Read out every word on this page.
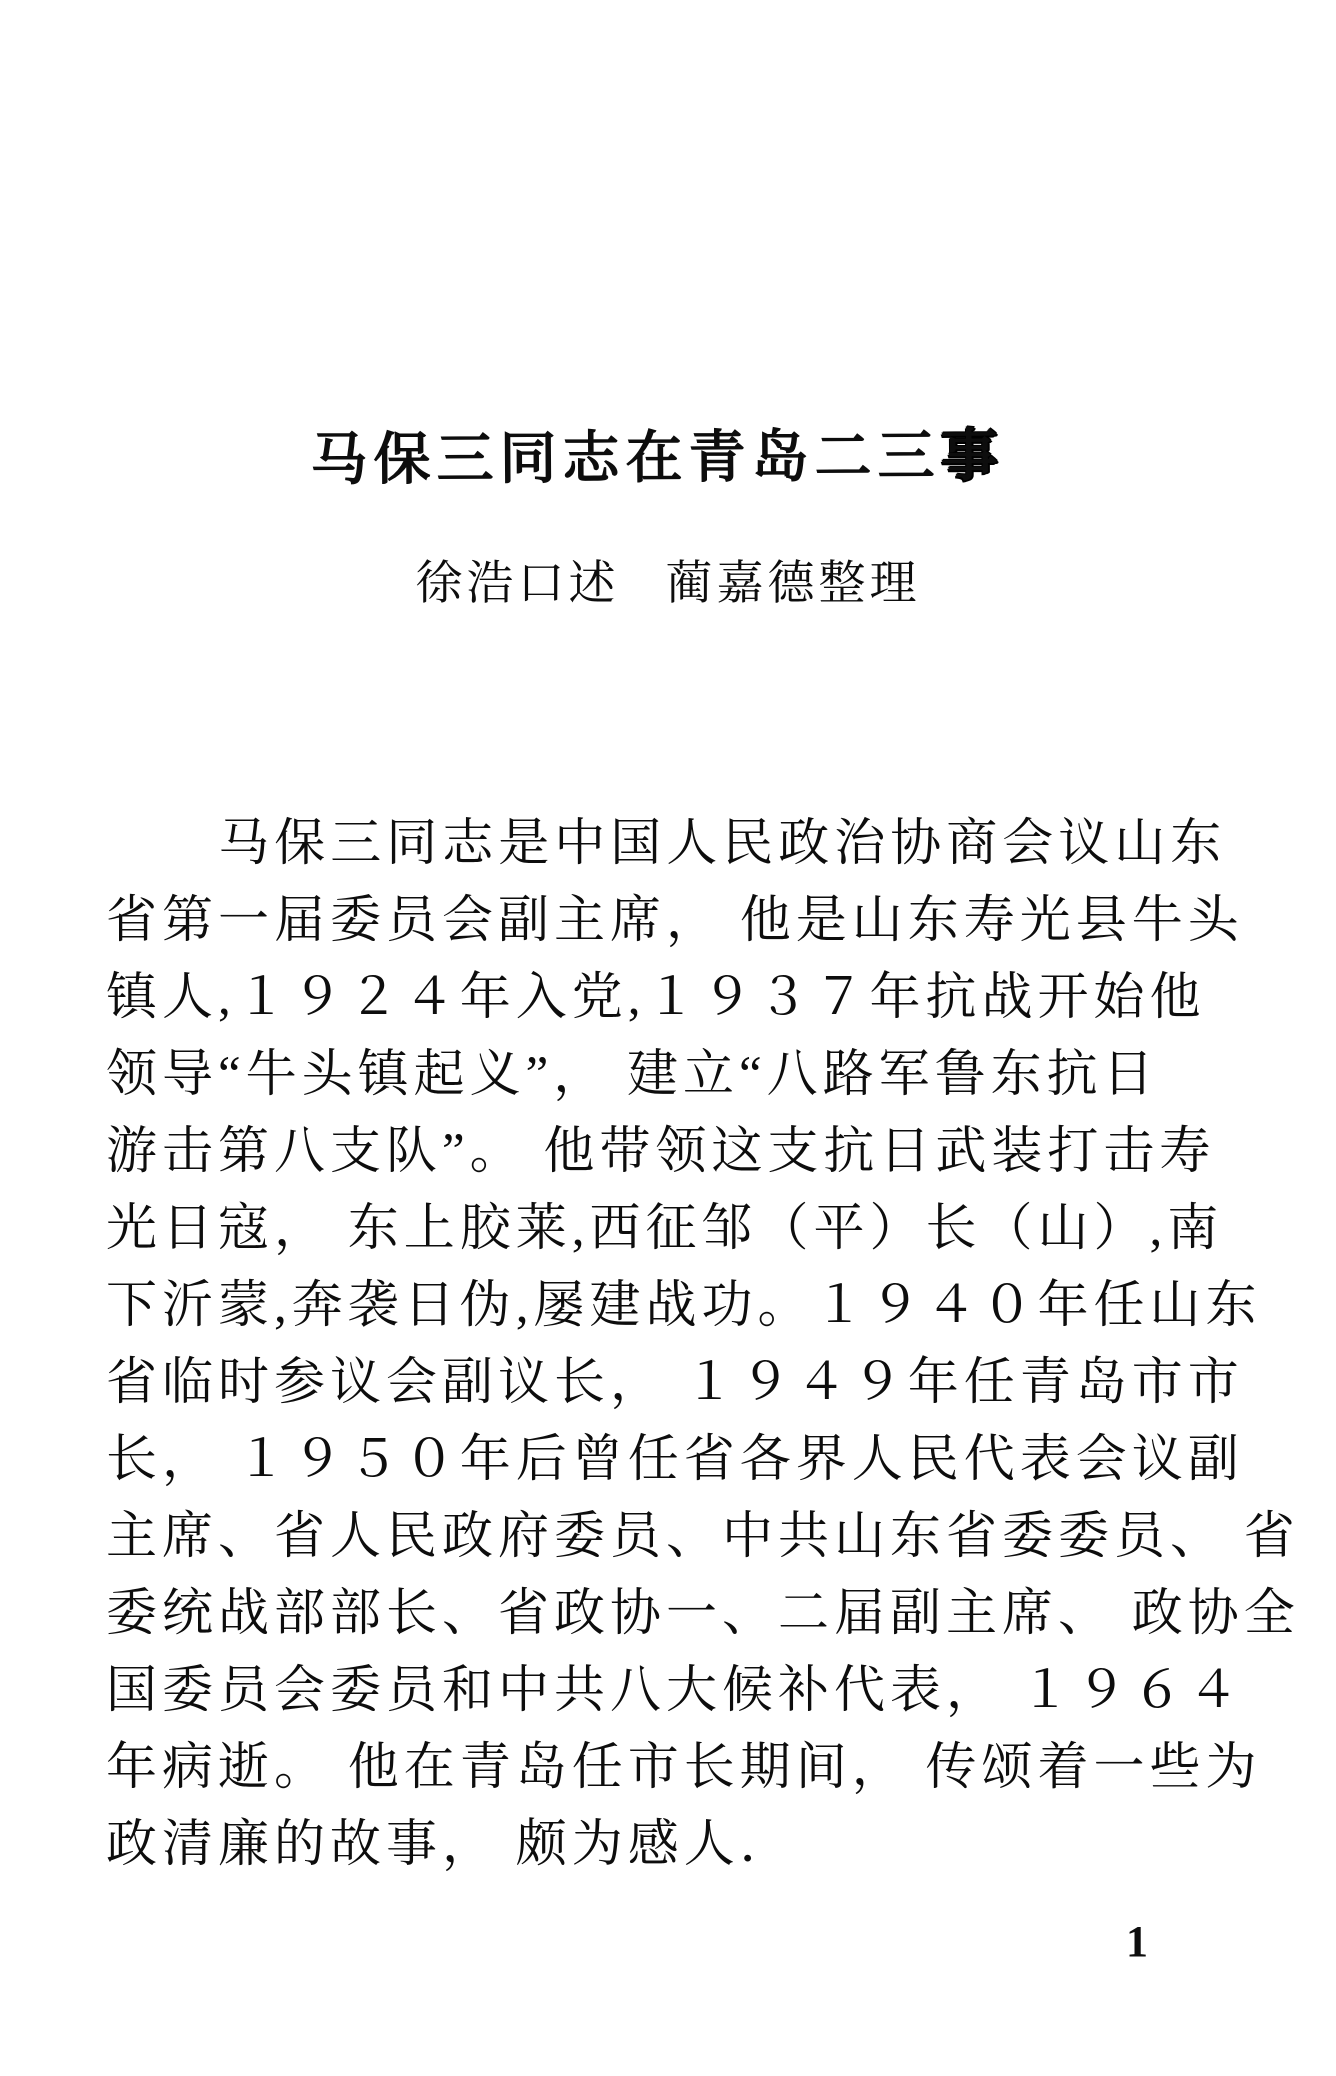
马保三同志在青岛二三事
徐浩口述 蔺嘉德整理
马保三同志是中国人民政治协商会议山东
省第一届委员会副主席， 他是山东寿光县牛头
镇人,１９２４年入党,１９３７年抗战开始他
领导“牛头镇起义”， 建立“八路军鲁东抗日
游击第八支队”。 他带领这支抗日武装打击寿
光日寇， 东上胶莱,西征邹（平）长（山）,南
下沂蒙,奔袭日伪,屡建战功。１９４０年任山东
省临时参议会副议长， １９４９年任青岛市市
长， １９５０年后曾任省各界人民代表会议副
主席、省人民政府委员、中共山东省委委员、 省
委统战部部长、省政协一、二届副主席、 政协全
国委员会委员和中共八大候补代表， １９６４
年病逝。 他在青岛任市长期间， 传颂着一些为
政清廉的故事， 颇为感人．
1
